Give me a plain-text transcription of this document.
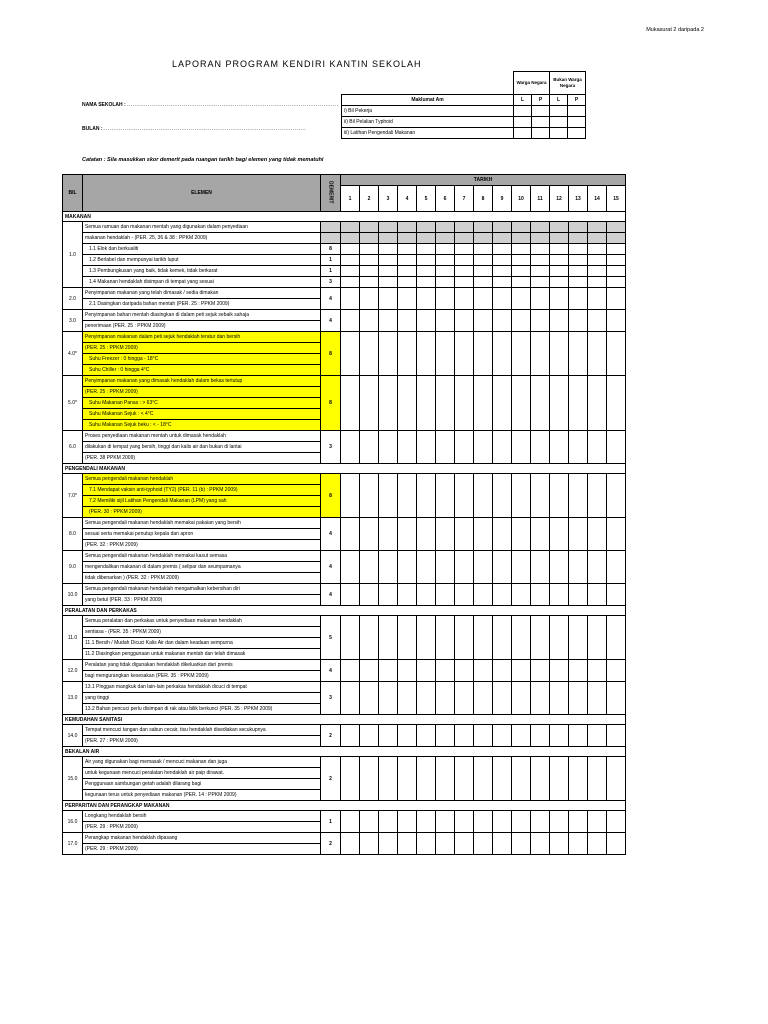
Mukasurat 2 daripada 2
LAPORAN PROGRAM KENDIRI KANTIN SEKOLAH
NAMA SEKOLAH : ................................................................................................................
BULAN : ...........................................................................................................
	Warga Negara		Bukan Warga Negara	
Maklumat Am	L	P	L	P
i) Bil Pekerja				
ii) Bil Pelalian Typhoid				
iii) Latihan Pengendali Makanan				
Catatan : Sila masukkan skor demerit pada ruangan tarikh bagi elemen yang tidak mematuhi
BIL	ELEMEN	DEMERIT	TARIKH														
			1	2	3	4	5	6	7	8	9	10	11	12	13	14	15
MAKANAN																	
1.0	Semua ramuan dan makanan mentah yang digunakan dalam penyediaan																
	makanan hendaklah - (PER. 25, 36 & 38 : PPKM 2009)																
	1.1 Elok dan berkualiti	8															
	1.2 Berlabel dan mempunyai tarikh luput	1															
	1.3 Pembungkusan yang baik, tidak kemek, tidak berkarat	1															
	1.4 Makanan hendaklah disimpan di tempat yang sesuai	3															
2.0	Penyimpanan makanan yang telah dimasak / sedia dimakan	4															
	2.1 Dasingkan daripada bahan mentah (PER. 25 : PPKM 2009)																
3.0	Penyimpanan bahan mentah diasingkan di dalam peti sejuk sebaik sahaja	4															
	penerimaan (PER. 25 : PPKM 2009)																
4.0*	Penyimpanan makanan dalam peti sejuk hendaklah teratur dan bersih	8															
	(PER. 25 : PPKM 2009)																
	Suhu Freezer : 0 hingga - 18°C																
	Suhu Chiller : 0 hingga 4°C																
5.0*	Penyimpanan makanan yang dimasak hendaklah dalam bekas tertutup	8															
	(PER. 25 : PPKM 2009)																
	Suhu Makanan Panas : > 63°C																
	Suhu Makanan Sejuk : < 4°C																
	Suhu Makanan Sejuk beku : < - 18°C																
6.0	Proses penyediaan makanan mentah untuk dimasak hendaklah	3															
	dilakukan di tempat yang bersih, tinggi dan kalis air dan bukan di lantai																
	(PER. 38 PPKM 2009)																
PENGENDALI MAKANAN																	
7.0*	Semua pengendali makanan hendaklah	8															
	7.1 Mendapat vaksin anti-typhoid (TY2) (PER. 11 (b) : PPKM 2009)																
	7.2 Memiliki sijil Latihan Pengendali Makanan (LPM) yang sah																
	(PER. 30 : PPKM 2009)																
8.0	Semua pengendali makanan hendaklah memakai pakaian yang bersih	4															
	sesuai serta memakai penutup kepala dan apron																
	(PER. 32 : PPKM 2009)																
9.0	Semua pengendali makanan hendaklah memakai kasut semasa	4															
	mengendalikan makanan di dalam premis ( selipar dan seumpamanya																
	tidak dibenarkan ) (PER. 32 : PPKM 2009)																
10.0	Semua pengendali makanan hendaklah mengamalkan kebersihan diri	4															
	yang betul (PER. 33 : PPKM 2009)																
PERALATAN DAN PERKAKAS																	
11.0	Semua peralatan dan perkakas untuk penyediaan makanan hendaklah	5															
	sentiasa - (PER. 35 : PPKM 2009)																
	11.1 Bersih / Mudah Dicuci Kalis Air dan dalam keadaan sempurna																
	11.2 Diasingkan penggunaan untuk makanan mentah dan telah dimasak																
12.0	Peralatan yang tidak digunakan hendaklah dikeluarkan dari premis	4															
	bagi mengurangkan kesesakan (PER. 35 : PPKM 2009)																
13.0	13.1 Pinggan mangkuk dan lain-lain perkakas hendaklah dicuci di tempat	3															
	yang tinggi																
	13.2 Bahan pencuci perlu disimpan di rak atau bilik berkunci (PER. 35 : PPKM 2009)																
KEMUDAHAN SANITASI																	
14.0	Tempat mencuci tangan dan sabun cecair, tisu hendaklah disediakan secukupnya	2															
	(PER. 27 : PPKM 2009)																
BEKALAN AIR																	
15.0	Air yang digunakan bagi memasak / mencuci makanan dan juga	2															
	untuk kegunaan mencuci peralatan hendaklah air paip dirawat.																
	Penggunaan sambungan getah adalah dilarang bagi																
	kegunaan terus untuk penyediaan makanan (PER. 14 : PPKM 2009)																
PERPARITAN DAN PERANGKAP MAKANAN																	
16.0	Longkang hendaklah bersih	1															
	(PER. 29 : PPKM 2009)																
17.0	Perangkap makanan hendaklah dipasang	2															
	(PER. 29 : PPKM 2009)																
